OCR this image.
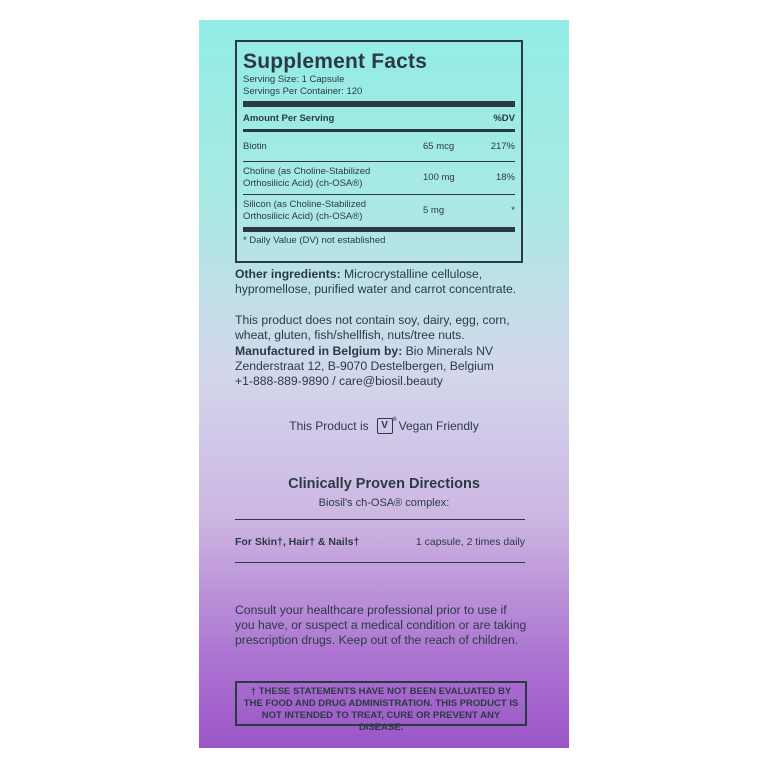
Supplement Facts
Serving Size: 1 Capsule
Servings Per Container: 120
Amount Per Serving	%DV
Biotin	65 mcg	217%
Choline (as Choline-Stabilized
Orthosilicic Acid) (ch-OSA®)
100 mg	18%
Silicon (as Choline-Stabilized
Orthosilicic Acid) (ch-OSA®)
5 mg	*
* Daily Value (DV) not established
Other ingredients: Microcrystalline cellulose, hypromellose, purified water and carrot concentrate.
This product does not contain soy, dairy, egg, corn, wheat, gluten, fish/shellfish, nuts/tree nuts.
Manufactured in Belgium by: Bio Minerals NV
Zenderstraat 12, B-9070 Destelbergen, Belgium
+1-888-889-9890 / care@biosil.beauty
This Product is	V ® Vegan Friendly
Clinically Proven Directions
Biosil's ch-OSA® complex:
For Skin†, Hair† & Nails†	1 capsule, 2 times daily
Consult your healthcare professional prior to use if you have, or suspect a medical condition or are taking prescription drugs. Keep out of the reach of children.
† THESE STATEMENTS HAVE NOT BEEN EVALUATED BY THE FOOD AND DRUG ADMINISTRATION. THIS PRODUCT IS NOT INTENDED TO TREAT, CURE OR PREVENT ANY DISEASE.
